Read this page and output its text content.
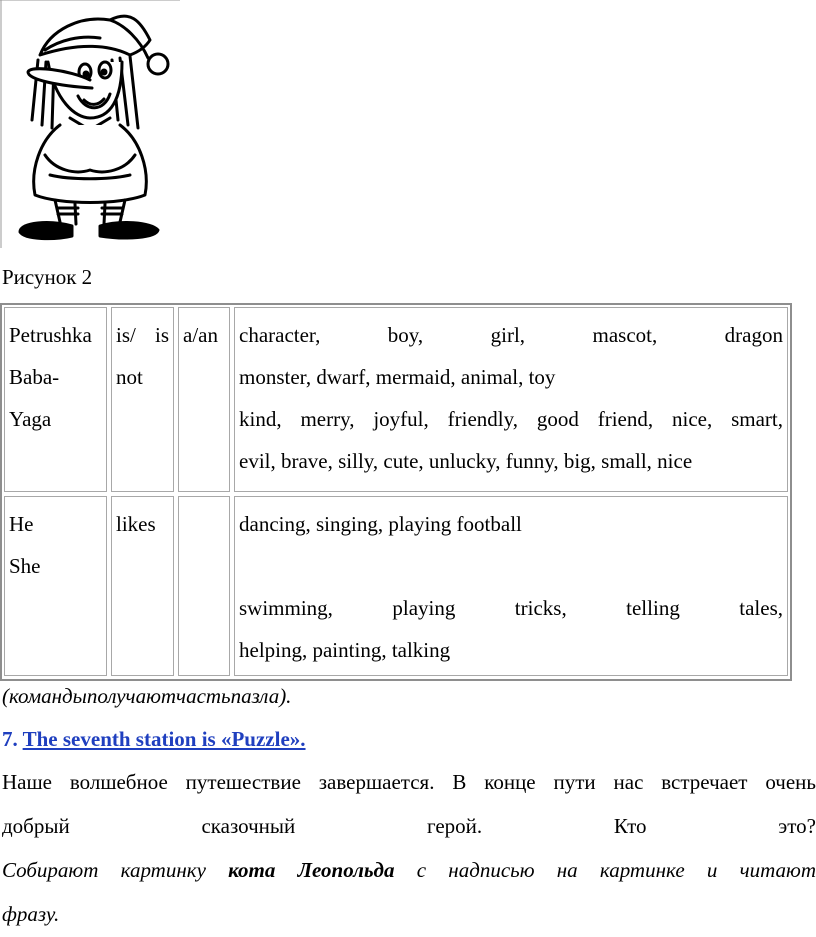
Рисунок 2
Petrushka
Baba-
Yaga
is/ is
not
a/an	character, boy, girl, mascot, dragon
monster, dwarf, mermaid, animal, toy
kind, merry, joyful, friendly, good friend, nice, smart,
evil, brave, silly, cute, unlucky, funny, big, small, nice
He
She
likes	dancing, singing, playing football
swimming, playing tricks, telling tales,
helping, painting, talking
(командыполучаютчастьпазла).
7. The seventh station is «Puzzle».
Наше волшебное путешествие завершается. В конце пути нас встречает очень
добрый сказочный герой. Кто это?
Собирают картинку кота Леопольда с надписью на картинке и читают
фразу.
